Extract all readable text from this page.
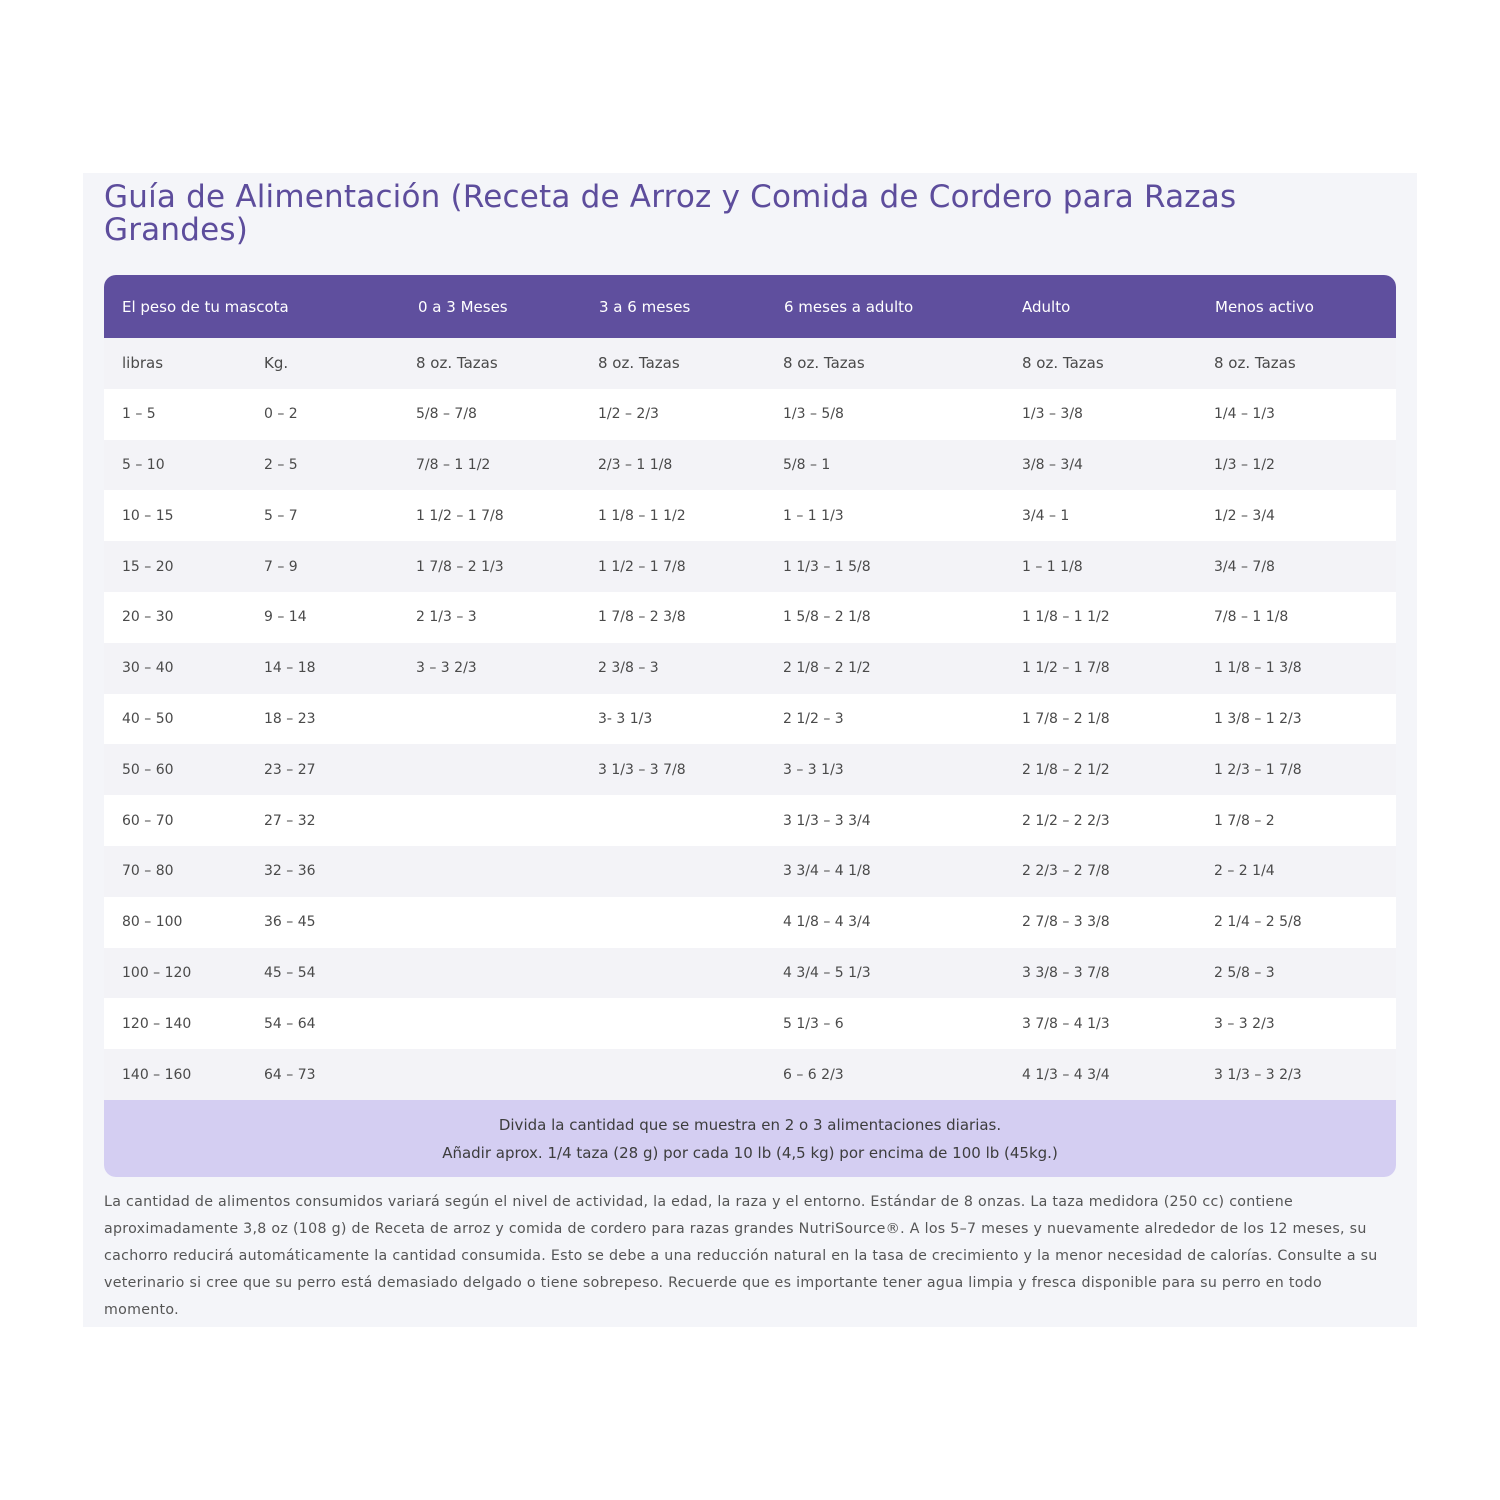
Guía de Alimentación (Receta de Arroz y Comida de Cordero para Razas Grandes)
El peso de tu mascota		0 a 3 Meses	3 a 6 meses	6 meses a adulto	Adulto	Menos activo
libras	Kg.	8 oz. Tazas	8 oz. Tazas	8 oz. Tazas	8 oz. Tazas	8 oz. Tazas
1 – 5	0 – 2	5/8 – 7/8	1/2 – 2/3	1/3 – 5/8	1/3 – 3/8	1/4 – 1/3
5 – 10	2 – 5	7/8 – 1 1/2	2/3 – 1 1/8	5/8 – 1	3/8 – 3/4	1/3 – 1/2
10 – 15	5 – 7	1 1/2 – 1 7/8	1 1/8 – 1 1/2	1 – 1 1/3	3/4 – 1	1/2 – 3/4
15 – 20	7 – 9	1 7/8 – 2 1/3	1 1/2 – 1 7/8	1 1/3 – 1 5/8	1 – 1 1/8	3/4 – 7/8
20 – 30	9 – 14	2 1/3 – 3	1 7/8 – 2 3/8	1 5/8 – 2 1/8	1 1/8 – 1 1/2	7/8 – 1 1/8
30 – 40	14 – 18	3 – 3 2/3	2 3/8 – 3	2 1/8 – 2 1/2	1 1/2 – 1 7/8	1 1/8 – 1 3/8
40 – 50	18 – 23		3- 3 1/3	2 1/2 – 3	1 7/8 – 2 1/8	1 3/8 – 1 2/3
50 – 60	23 – 27		3 1/3 – 3 7/8	3 – 3 1/3	2 1/8 – 2 1/2	1 2/3 – 1 7/8
60 – 70	27 – 32			3 1/3 – 3 3/4	2 1/2 – 2 2/3	1 7/8 – 2
70 – 80	32 – 36			3 3/4 – 4 1/8	2 2/3 – 2 7/8	2 – 2 1/4
80 – 100	36 – 45			4 1/8 – 4 3/4	2 7/8 – 3 3/8	2 1/4 – 2 5/8
100 – 120	45 – 54			4 3/4 – 5 1/3	3 3/8 – 3 7/8	2 5/8 – 3
120 – 140	54 – 64			5 1/3 – 6	3 7/8 – 4 1/3	3 – 3 2/3
140 – 160	64 – 73			6 – 6 2/3	4 1/3 – 4 3/4	3 1/3 – 3 2/3
Divida la cantidad que se muestra en 2 o 3 alimentaciones diarias.
Añadir aprox. 1/4 taza (28 g) por cada 10 lb (4,5 kg) por encima de 100 lb (45kg.)

La cantidad de alimentos consumidos variará según el nivel de actividad, la edad, la raza y el entorno. Estándar de 8 onzas. La taza medidora (250 cc) contiene aproximadamente 3,8 oz (108 g) de Receta de arroz y comida de cordero para razas grandes NutriSource®. A los 5–7 meses y nuevamente alrededor de los 12 meses, su cachorro reducirá automáticamente la cantidad consumida. Esto se debe a una reducción natural en la tasa de crecimiento y la menor necesidad de calorías. Consulte a su veterinario si cree que su perro está demasiado delgado o tiene sobrepeso. Recuerde que es importante tener agua limpia y fresca disponible para su perro en todo momento.
